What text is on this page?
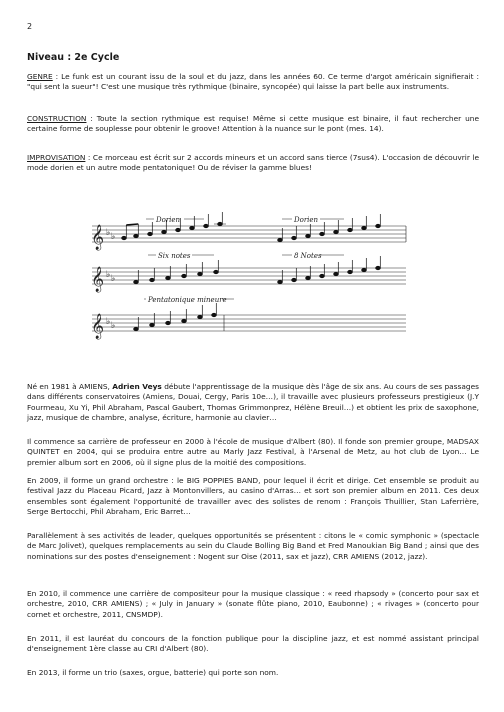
2
Niveau : 2e Cycle

GENRE : Le funk est un courant issu de la soul et du jazz, dans les années 60. Ce terme d'argot américain signifierait : "qui sent la sueur"! C'est une musique très rythmique (binaire, syncopée) qui laisse la part belle aux instruments.

CONSTRUCTION : Toute la section rythmique est requise! Même si cette musique est binaire, il faut rechercher une certaine forme de souplesse pour obtenir le groove! Attention à la nuance sur le pont (mes. 14).

IMPROVISATION : Ce morceau est écrit sur 2 accords mineurs et un accord sans tierce (7sus4). L'occasion de découvrir le mode dorien et un autre mode pentatonique! Ou de réviser la gamme blues!

𝄞
𝄞
𝄞
♭ ♭
♭ ♭
♭ ♭
Dorien	Dorien
Six notes	8 Notes
Pentatonique mineure

Né en 1981 à AMIENS, Adrien Veys débute l'apprentissage de la musique dès l'âge de six ans. Au cours de ses passages dans différents conservatoires (Amiens, Douai, Cergy, Paris 10e…), il travaille avec plusieurs professeurs prestigieux (J.Y Fourmeau, Xu Yi, Phil Abraham, Pascal Gaubert, Thomas Grimmonprez, Hélène Breuil…) et obtient les prix de saxophone, jazz, musique de chambre, analyse, écriture, harmonie au clavier…

Il commence sa carrière de professeur en 2000 à l'école de musique d'Albert (80). Il fonde son premier groupe, MADSAX QUINTET en 2004, qui se produira entre autre au Marly Jazz Festival, à l'Arsenal de Metz, au hot club de Lyon… Le premier album sort en 2006, où il signe plus de la moitié des compositions.

En 2009, il forme un grand orchestre : le BIG POPPIES BAND, pour lequel il écrit et dirige. Cet ensemble se produit au festival Jazz du Placeau Picard, Jazz à Montonvillers, au casino d'Arras… et sort son premier album en 2011. Ces deux ensembles sont également l'opportunité de travailler avec des solistes de renom : François Thuillier, Stan Laferrière, Serge Bertocchi, Phil Abraham, Eric Barret…

Parallèlement à ses activités de leader, quelques opportunités se présentent : citons le « comic symphonic » (spectacle de Marc Jolivet), quelques remplacements au sein du Claude Bolling Big Band et Fred Manoukian Big Band ; ainsi que des nominations sur des postes d'enseignement : Nogent sur Oise (2011, sax et jazz), CRR AMIENS (2012, jazz).

En 2010, il commence une carrière de compositeur pour la musique classique : « reed rhapsody » (concerto pour sax et orchestre, 2010, CRR AMIENS) ; « July in January » (sonate flûte piano, 2010, Eaubonne) ; « rivages » (concerto pour cornet et orchestre, 2011, CNSMDP).

En 2011, il est lauréat du concours de la fonction publique pour la discipline jazz, et est nommé assistant principal d'enseignement 1ère classe au CRI d'Albert (80).

En 2013, il forme un trio (saxes, orgue, batterie) qui porte son nom.
